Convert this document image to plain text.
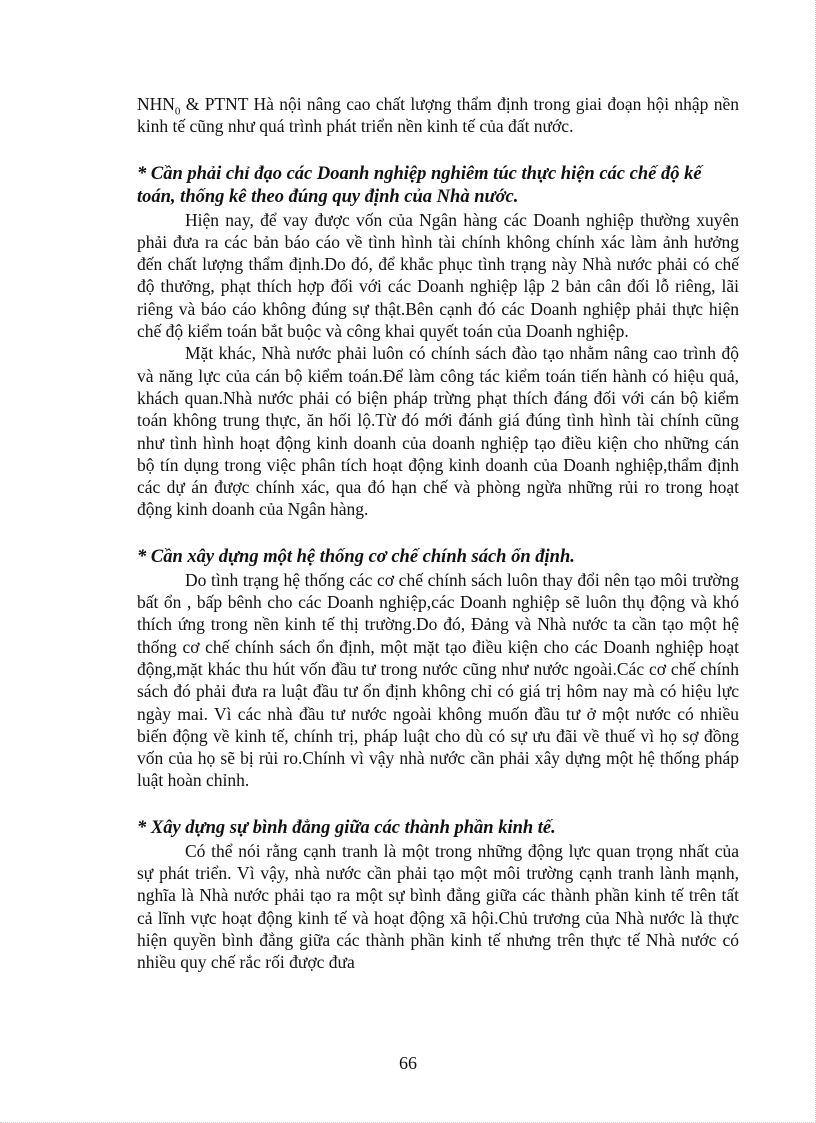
$NHN_0$ & PTNT Hà nội nâng cao chất lượng thẩm định trong giai đoạn hội nhập nền kinh tế cũng như quá trình phát triển nền kinh tế của đất nước.

* Cần phải chỉ đạo các Doanh nghiệp nghiêm túc thực hiện các chế độ kế toán, thống kê theo đúng quy định của Nhà nước.

Hiện nay, để vay được vốn của Ngân hàng các Doanh nghiệp thường xuyên phải đưa ra các bản báo cáo về tình hình tài chính không chính xác làm ảnh hưởng đến chất lượng thẩm định.Do đó, để khắc phục tình trạng này Nhà nước phải có chế độ thưởng, phạt thích hợp đối với các Doanh nghiệp lập 2 bản cân đối lỗ riêng, lãi riêng và báo cáo không đúng sự thật.Bên cạnh đó các Doanh nghiệp phải thực hiện chế độ kiểm toán bắt buộc và công khai quyết toán của Doanh nghiệp.

Mặt khác, Nhà nước phải luôn có chính sách đào tạo nhằm nâng cao trình độ và năng lực của cán bộ kiểm toán.Để làm công tác kiểm toán tiến hành có hiệu quả, khách quan.Nhà nước phải có biện pháp trừng phạt thích đáng đối với cán bộ kiểm toán không trung thực, ăn hối lộ.Từ đó mới đánh giá đúng tình hình tài chính cũng như tình hình hoạt động kinh doanh của doanh nghiệp tạo điều kiện cho những cán bộ tín dụng trong việc phân tích hoạt động kinh doanh của Doanh nghiệp,thẩm định các dự án được chính xác, qua đó hạn chế và phòng ngừa những rủi ro trong hoạt động kinh doanh của Ngân hàng.

* Cần xây dựng một hệ thống cơ chế chính sách ổn định.

Do tình trạng hệ thống các cơ chế chính sách luôn thay đổi nên tạo môi trường bất ổn , bấp bênh cho các Doanh nghiệp,các Doanh nghiệp sẽ luôn thụ động và khó thích ứng trong nền kinh tế thị trường.Do đó, Đảng và Nhà nước ta cần tạo một hệ thống cơ chế chính sách ổn định, một mặt tạo điều kiện cho các Doanh nghiệp hoạt động,mặt khác thu hút vốn đầu tư trong nước cũng như nước ngoài.Các cơ chế chính sách đó phải đưa ra luật đầu tư ổn định không chỉ có giá trị hôm nay mà có hiệu lực ngày mai. Vì các nhà đầu tư nước ngoài không muốn đầu tư ở một nước có nhiều biến động về kinh tế, chính trị, pháp luật cho dù có sự ưu đãi về thuế vì họ sợ đồng vốn của họ sẽ bị rủi ro.Chính vì vậy nhà nước cần phải xây dựng một hệ thống pháp luật hoàn chỉnh.

* Xây dựng sự bình đẳng giữa các thành phần kinh tế.

Có thể nói rằng cạnh tranh là một trong những động lực quan trọng nhất của sự phát triển. Vì vậy, nhà nước cần phải tạo một môi trường cạnh tranh lành mạnh, nghĩa là Nhà nước phải tạo ra một sự bình đẳng giữa các thành phần kinh tế trên tất cả lĩnh vực hoạt động kinh tế và hoạt động xã hội.Chủ trương của Nhà nước là thực hiện quyền bình đẳng giữa các thành phần kinh tế nhưng trên thực tế Nhà nước có nhiều quy chế rắc rối được đưa

66
